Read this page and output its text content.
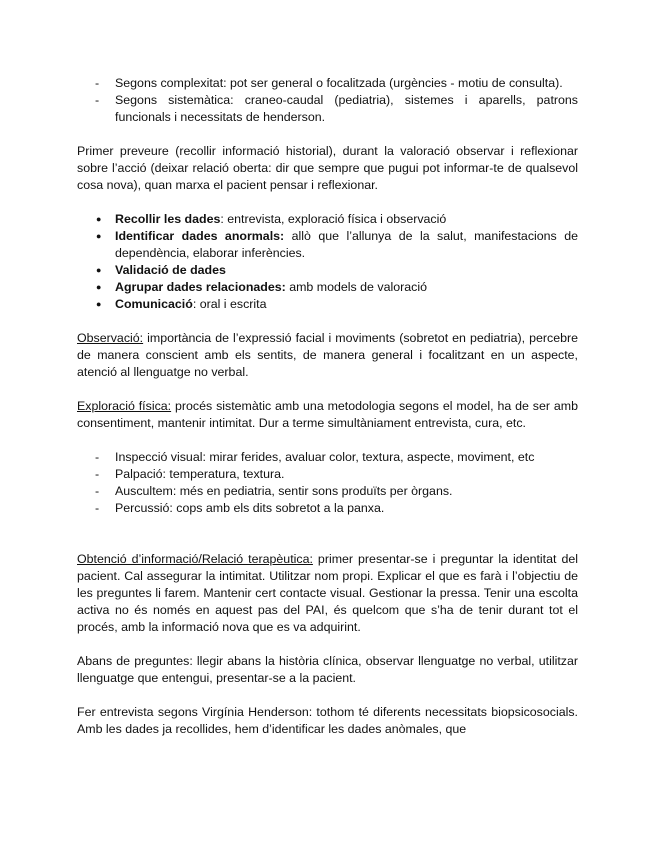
- Segons complexitat: pot ser general o focalitzada (urgències - motiu de consulta).
- Segons sistemàtica: craneo-caudal (pediatria), sistemes i aparells, patrons funcionals i necessitats de henderson.

Primer preveure (recollir informació historial), durant la valoració observar i reflexionar sobre l’acció (deixar relació oberta: dir que sempre que pugui pot informar-te de qualsevol cosa nova), quan marxa el pacient pensar i reflexionar.

● Recollir les dades: entrevista, exploració física i observació
● Identificar dades anormals: allò que l’allunya de la salut, manifestacions de dependència, elaborar inferències.
● Validació de dades
● Agrupar dades relacionades: amb models de valoració
● Comunicació: oral i escrita

Observació: importància de l’expressió facial i moviments (sobretot en pediatria), percebre de manera conscient amb els sentits, de manera general i focalitzant en un aspecte, atenció al llenguatge no verbal.

Exploració física: procés sistemàtic amb una metodologia segons el model, ha de ser amb consentiment, mantenir intimitat. Dur a terme simultàniament entrevista, cura, etc.

- Inspecció visual: mirar ferides, avaluar color, textura, aspecte, moviment, etc
- Palpació: temperatura, textura.
- Auscultem: més en pediatria, sentir sons produïts per òrgans.
- Percussió: cops amb els dits sobretot a la panxa.

Obtenció d’informació/Relació terapèutica: primer presentar-se i preguntar la identitat del pacient. Cal assegurar la intimitat. Utilitzar nom propi. Explicar el que es farà i l’objectiu de les preguntes li farem. Mantenir cert contacte visual. Gestionar la pressa. Tenir una escolta activa no és només en aquest pas del PAI, és quelcom que s’ha de tenir durant tot el procés, amb la informació nova que es va adquirint.

Abans de preguntes: llegir abans la història clínica, observar llenguatge no verbal, utilitzar llenguatge que entengui, presentar-se a la pacient.

Fer entrevista segons Virgínia Henderson: tothom té diferents necessitats biopsicosocials. Amb les dades ja recollides, hem d’identificar les dades anòmales, que
